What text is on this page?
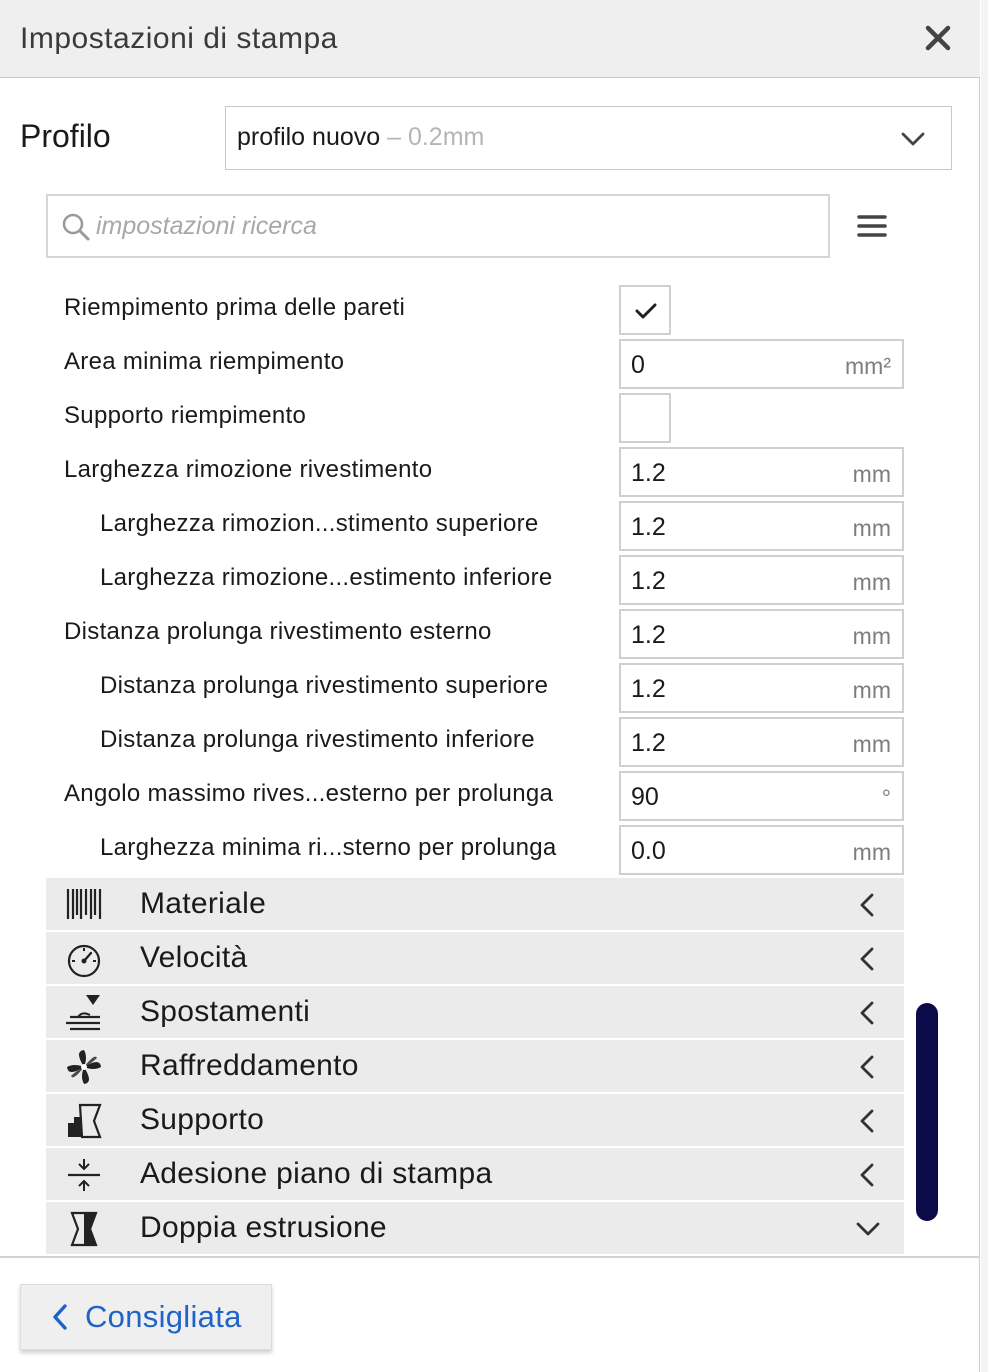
Impostazioni di stampa
Profilo	profilo nuovo – 0.2mm
impostazioni ricerca
Riempimento prima delle pareti
Area minima riempimento	0	mm²
Supporto riempimento
Larghezza rimozione rivestimento	1.2	mm
Larghezza rimozion...stimento superiore	1.2	mm
Larghezza rimozione...estimento inferiore	1.2	mm
Distanza prolunga rivestimento esterno	1.2	mm
Distanza prolunga rivestimento superiore	1.2	mm
Distanza prolunga rivestimento inferiore	1.2	mm
Angolo massimo rives...esterno per prolunga	90	°
Larghezza minima ri...sterno per prolunga	0.0	mm
Materiale
Velocità
Spostamenti
Raffreddamento
Supporto
Adesione piano di stampa
Doppia estrusione
Consigliata
